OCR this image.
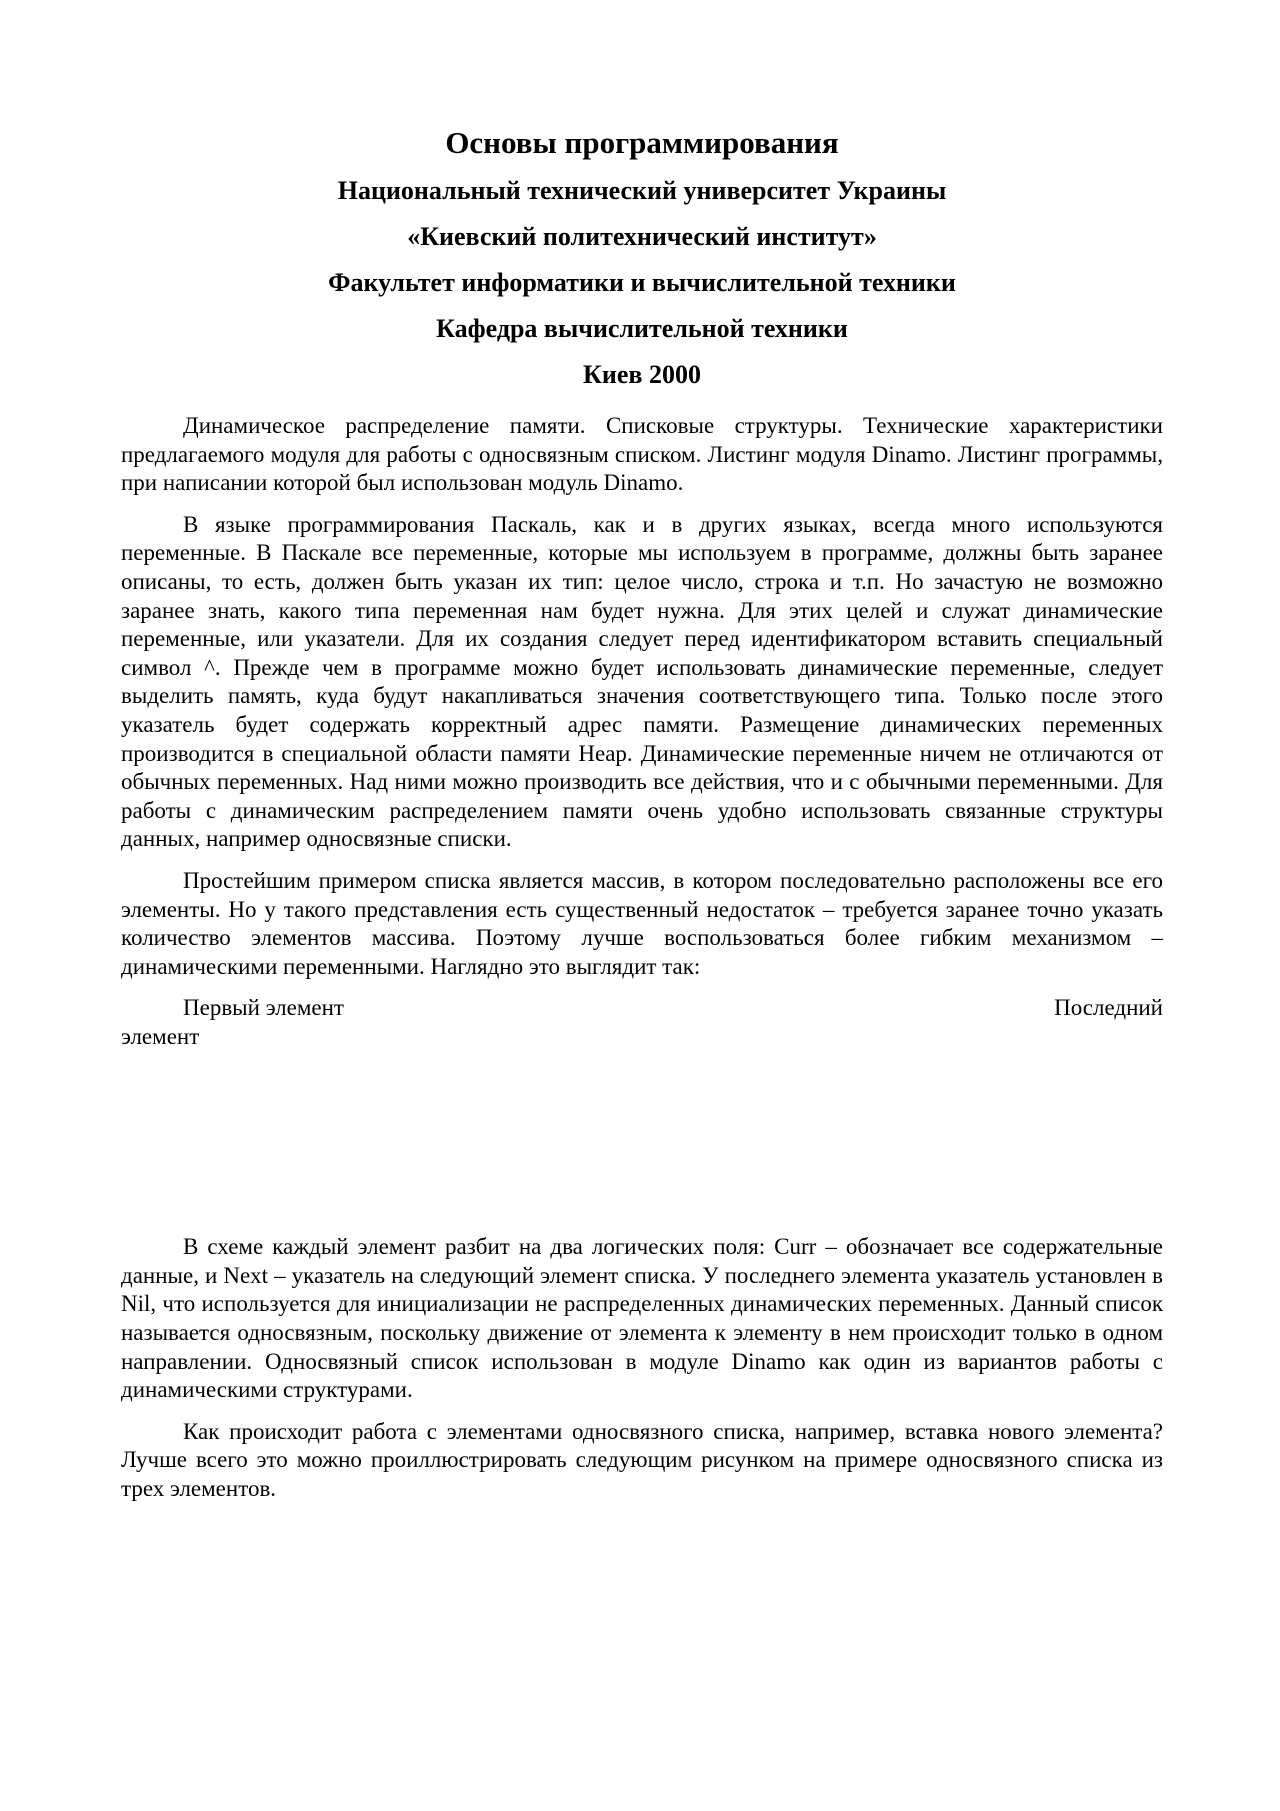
Основы программирования

Национальный технический университет Украины

«Киевский политехнический институт»

Факультет информатики и вычислительной техники

Кафедра вычислительной техники

Киев 2000

Динамическое распределение памяти. Списковые структуры. Технические характеристики предлагаемого модуля для работы с односвязным списком. Листинг модуля Dinamo. Листинг программы, при написании которой был использован модуль Dinamo.

В языке программирования Паскаль, как и в других языках, всегда много используются переменные. В Паскале все переменные, которые мы используем в программе, должны быть заранее описаны, то есть, должен быть указан их тип: целое число, строка и т.п. Но зачастую не возможно заранее знать, какого типа переменная нам будет нужна. Для этих целей и служат динамические переменные, или указатели. Для их создания следует перед идентификатором вставить специальный символ ^. Прежде чем в программе можно будет использовать динамические переменные, следует выделить память, куда будут накапливаться значения соответствующего типа. Только после этого указатель будет содержать корректный адрес памяти. Размещение динамических переменных производится в специальной области памяти Heap. Динамические переменные ничем не отличаются от обычных переменных. Над ними можно производить все действия, что и с обычными переменными. Для работы с динамическим распределением памяти очень удобно использовать связанные структуры данных, например односвязные списки.

Простейшим примером списка является массив, в котором последовательно расположены все его элементы. Но у такого представления есть существенный недостаток – требуется заранее точно указать количество элементов массива. Поэтому лучше воспользоваться более гибким механизмом – динамическими переменными. Наглядно это выглядит так:

Первый элемент	Последний
элемент

В схеме каждый элемент разбит на два логических поля: Curr – обозначает все содержательные данные, и Next – указатель на следующий элемент списка. У последнего элемента указатель установлен в Nil, что используется для инициализации не распределенных динамических переменных. Данный список называется односвязным, поскольку движение от элемента к элементу в нем происходит только в одном направлении. Односвязный список использован в модуле Dinamo как один из вариантов работы с динамическими структурами.

Как происходит работа с элементами односвязного списка, например, вставка нового элемента? Лучше всего это можно проиллюстрировать следующим рисунком на примере односвязного списка из трех элементов.
